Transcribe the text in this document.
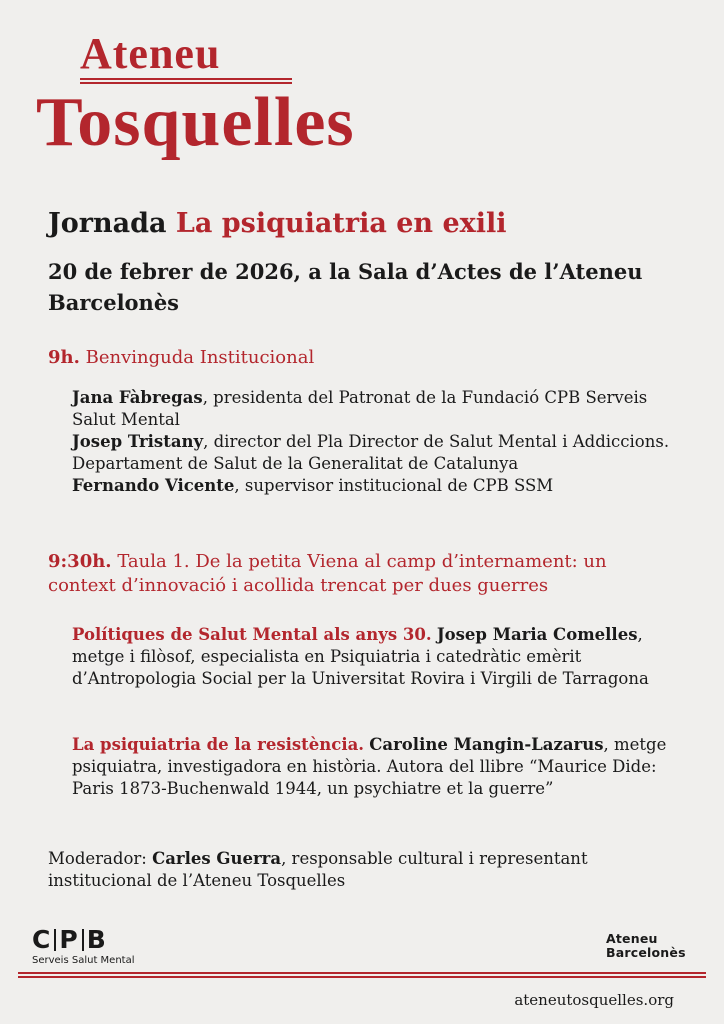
Ateneu
Tosquelles
Jornada La psiquiatria en exili
20 de febrer de 2026, a la Sala d’Actes de l’Ateneu Barcelonès
9h. Benvinguda Institucional

Jana Fàbregas, presidenta del Patronat de la Fundació CPB Serveis Salut Mental

Josep Tristany, director del Pla Director de Salut Mental i Addiccions. Departament de Salut de la Generalitat de Catalunya

Fernando Vicente, supervisor institucional de CPB SSM

9:30h. Taula 1. De la petita Viena al camp d’internament: un context d’innovació i acollida trencat per dues guerres

Polítiques de Salut Mental als anys 30. Josep Maria Comelles, metge i filòsof, especialista en Psiquiatria i catedràtic emèrit d’Antropologia Social per la Universitat Rovira i Virgili de Tarragona

La psiquiatria de la resistència. Caroline Mangin-Lazarus, metge psiquiatra, investigadora en història. Autora del llibre “Maurice Dide: Paris 1873-Buchenwald 1944, un psychiatre et la guerre”

Moderador: Carles Guerra, responsable cultural i representant institucional de l’Ateneu Tosquelles

C P B
Serveis Salut Mental
Ateneu
Barcelonès
ateneutosquelles.org
